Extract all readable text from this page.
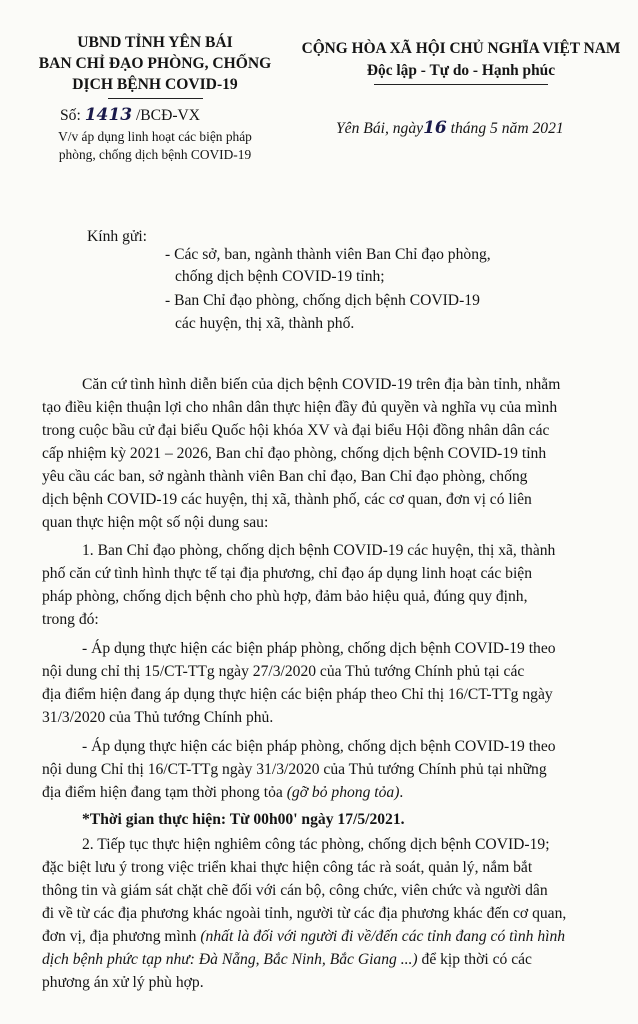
UBND TỈNH YÊN BÁI
BAN CHỈ ĐẠO PHÒNG, CHỐNG
DỊCH BỆNH COVID-19
Số: 1413 /BCĐ-VX
V/v áp dụng linh hoạt các biện pháp
phòng, chống dịch bệnh COVID-19
CỘNG HÒA XÃ HỘI CHỦ NGHĨA VIỆT NAM
Độc lập - Tự do - Hạnh phúc
Yên Bái, ngày16 tháng 5 năm 2021
Kính gửi:
- Các sở, ban, ngành thành viên Ban Chỉ đạo phòng,
chống dịch bệnh COVID-19 tỉnh;
- Ban Chỉ đạo phòng, chống dịch bệnh COVID-19
các huyện, thị xã, thành phố.
Căn cứ tình hình diễn biến của dịch bệnh COVID-19 trên địa bàn tỉnh, nhằm
tạo điều kiện thuận lợi cho nhân dân thực hiện đầy đủ quyền và nghĩa vụ của mình
trong cuộc bầu cử đại biểu Quốc hội khóa XV và đại biểu Hội đồng nhân dân các
cấp nhiệm kỳ 2021 – 2026, Ban chỉ đạo phòng, chống dịch bệnh COVID-19 tỉnh
yêu cầu các ban, sở ngành thành viên Ban chỉ đạo, Ban Chỉ đạo phòng, chống
dịch bệnh COVID-19 các huyện, thị xã, thành phố, các cơ quan, đơn vị có liên
quan thực hiện một số nội dung sau:
1. Ban Chỉ đạo phòng, chống dịch bệnh COVID-19 các huyện, thị xã, thành
phố căn cứ tình hình thực tế tại địa phương, chỉ đạo áp dụng linh hoạt các biện
pháp phòng, chống dịch bệnh cho phù hợp, đảm bảo hiệu quả, đúng quy định,
trong đó:
- Áp dụng thực hiện các biện pháp phòng, chống dịch bệnh COVID-19 theo
nội dung chỉ thị 15/CT-TTg ngày 27/3/2020 của Thủ tướng Chính phủ tại các
địa điểm hiện đang áp dụng thực hiện các biện pháp theo Chỉ thị 16/CT-TTg ngày
31/3/2020 của Thủ tướng Chính phủ.
- Áp dụng thực hiện các biện pháp phòng, chống dịch bệnh COVID-19 theo
nội dung Chỉ thị 16/CT-TTg ngày 31/3/2020 của Thủ tướng Chính phủ tại những
địa điểm hiện đang tạm thời phong tỏa (gỡ bỏ phong tỏa).
*Thời gian thực hiện: Từ 00h00' ngày 17/5/2021.
2. Tiếp tục thực hiện nghiêm công tác phòng, chống dịch bệnh COVID-19;
đặc biệt lưu ý trong việc triển khai thực hiện công tác rà soát, quản lý, nắm bắt
thông tin và giám sát chặt chẽ đối với cán bộ, công chức, viên chức và người dân
đi về từ các địa phương khác ngoài tỉnh, người từ các địa phương khác đến cơ quan,
đơn vị, địa phương mình (nhất là đối với người đi về/đến các tỉnh đang có tình hình
dịch bệnh phức tạp như: Đà Nẵng, Bắc Ninh, Bắc Giang ...) để kịp thời có các
phương án xử lý phù hợp.
